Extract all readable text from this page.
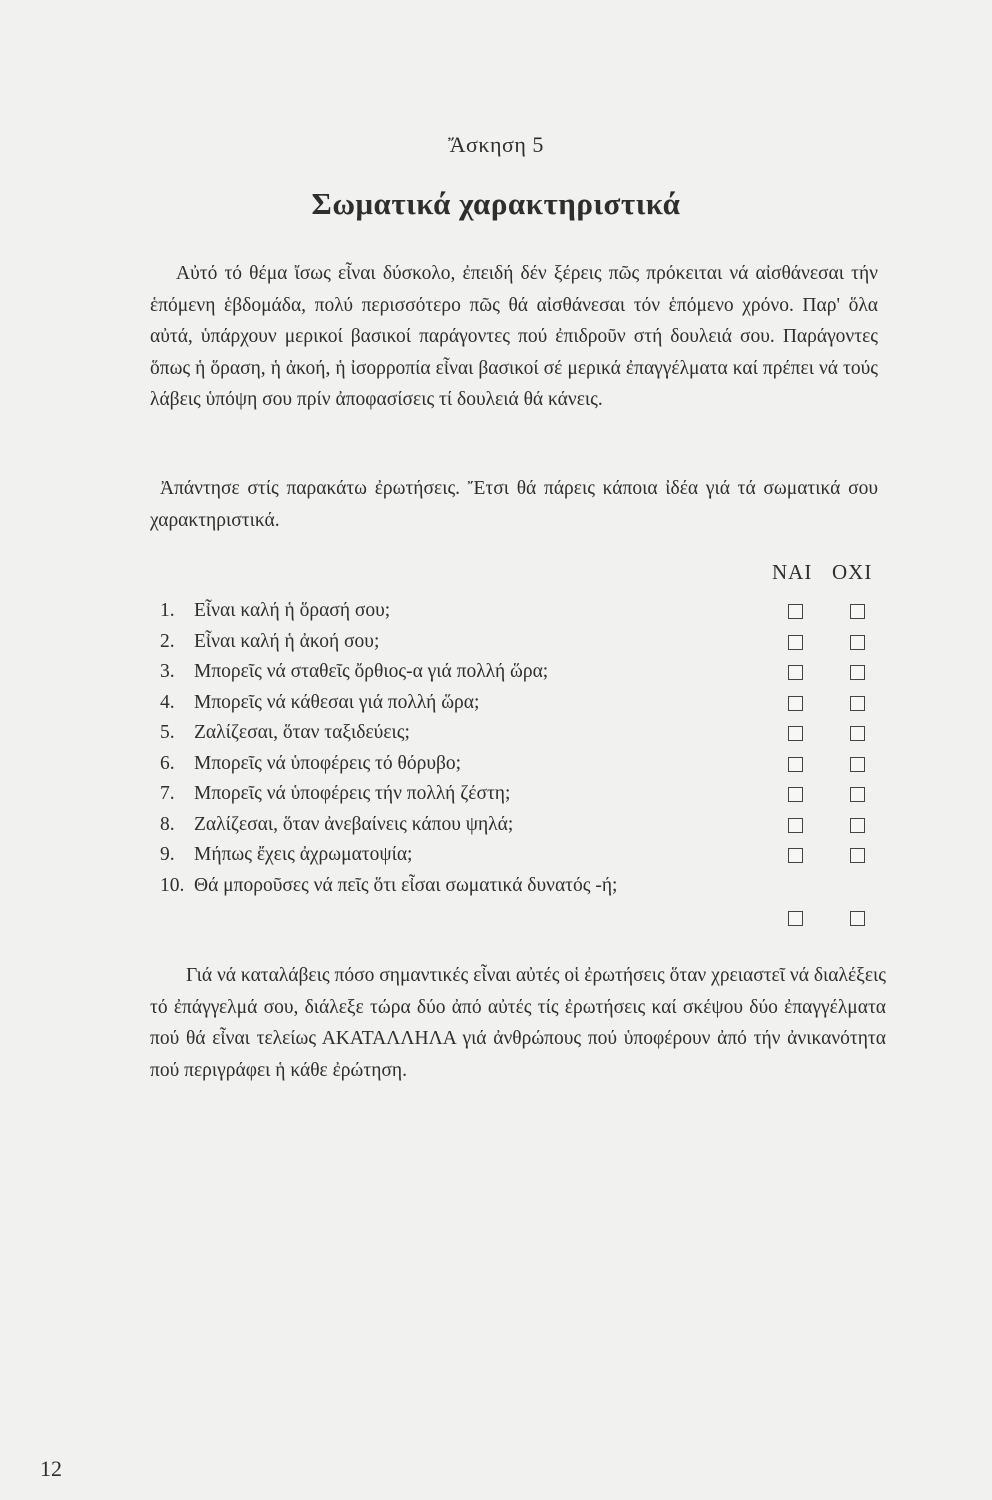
Ἄσκηση 5
Σωματικά χαρακτηριστικά

Αὐτό τό θέμα ἴσως εἶναι δύσκολο, ἐπειδή δέν ξέρεις πῶς πρόκειται νά αἰσθάνεσαι τήν ἑπόμενη ἑβδομάδα, πολύ περισσότερο πῶς θά αἰσθάνεσαι τόν ἑπόμενο χρόνο. Παρ' ὅλα αὐτά, ὑπάρχουν μερικοί βασικοί παράγοντες πού ἐπιδροῦν στή δουλειά σου. Παράγοντες ὅπως ἡ ὅραση, ἡ ἀκοή, ἡ ἰσορροπία εἶναι βασικοί σέ μερικά ἐπαγγέλματα καί πρέπει νά τούς λάβεις ὑπόψη σου πρίν ἀποφασίσεις τί δουλειά θά κάνεις.

Ἀπάντησε στίς παρακάτω ἐρωτήσεις. Ἔτσι θά πάρεις κάποια ἰδέα γιά τά σωματικά σου χαρακτηριστικά.

ΝΑΙ ΟΧΙ
1. Εἶναι καλή ἡ ὅρασή σου;
2. Εἶναι καλή ἡ ἀκοή σου;
3. Μπορεῖς νά σταθεῖς ὄρθιος-α γιά πολλή ὥρα;
4. Μπορεῖς νά κάθεσαι γιά πολλή ὥρα;
5. Ζαλίζεσαι, ὅταν ταξιδεύεις;
6. Μπορεῖς νά ὑποφέρεις τό θόρυβο;
7. Μπορεῖς νά ὑποφέρεις τήν πολλή ζέστη;
8. Ζαλίζεσαι, ὅταν ἀνεβαίνεις κάπου ψηλά;
9. Μήπως ἔχεις ἀχρωματοψία;
10. Θά μποροῦσες νά πεῖς ὅτι εἶσαι σωματικά δυνατός -ή;

Γιά νά καταλάβεις πόσο σημαντικές εἶναι αὐτές οἱ ἐρωτήσεις ὅταν χρειαστεῖ νά διαλέξεις τό ἐπάγγελμά σου, διάλεξε τώρα δύο ἀπό αὐτές τίς ἐρωτήσεις καί σκέψου δύο ἐπαγγέλματα πού θά εἶναι τελείως ΑΚΑΤΑΛΛΗΛΑ γιά ἀνθρώπους πού ὑποφέρουν ἀπό τήν ἀνικανότητα πού περιγράφει ἡ κάθε ἐρώτηση.

12
